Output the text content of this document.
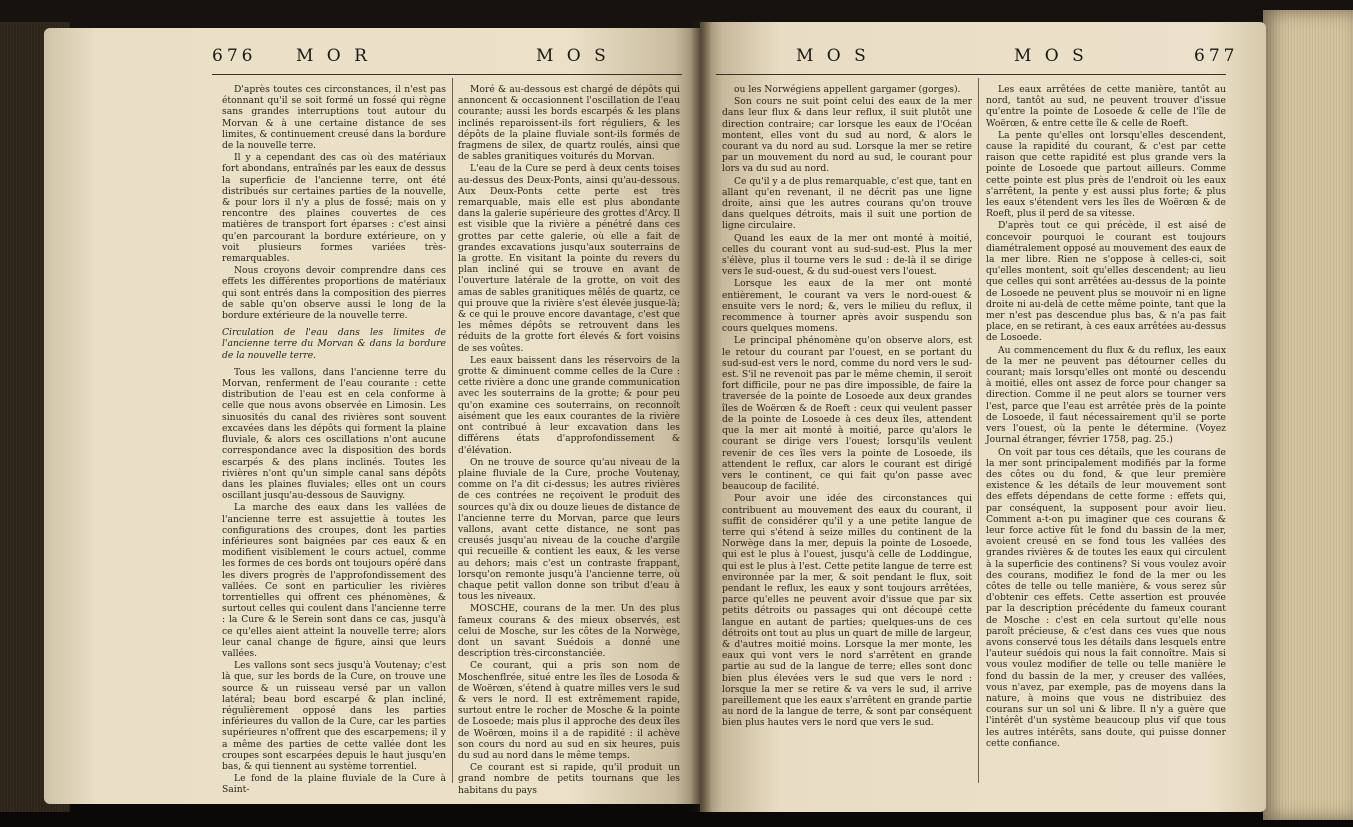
676 M O R	M O S	M O S	M O S	677

D'après toutes ces circonstances, il n'est pas étonnant qu'il se soit formé un fossé qui règne sans grandes interruptions tout autour du Morvan & à une certaine distance de ses limites, & continuement creusé dans la bordure de la nouvelle terre.

Il y a cependant des cas où des matériaux fort abondans, entraînés par les eaux de dessus la superficie de l'ancienne terre, ont été distribués sur certaines parties de la nouvelle, & pour lors il n'y a plus de fossé; mais on y rencontre des plaines couvertes de ces matières de transport fort éparses : c'est ainsi qu'en parcourant la bordure extérieure, on y voit plusieurs formes variées très-remarquables.

Nous croyons devoir comprendre dans ces effets les différentes proportions de matériaux qui sont entrés dans la composition des pierres de sable qu'on observe aussi le long de la bordure extérieure de la nouvelle terre.

Circulation de l'eau dans les limites de l'ancienne terre du Morvan & dans la bordure de la nouvelle terre.

Tous les vallons, dans l'ancienne terre du Morvan, renferment de l'eau courante : cette distribution de l'eau est en cela conforme à celle que nous avons observée en Limosin. Les sinuosités du canal des rivières sont souvent excavées dans les dépôts qui forment la plaine fluviale, & alors ces oscillations n'ont aucune correspondance avec la disposition des bords escarpés & des plans inclinés. Toutes les rivières n'ont qu'un simple canal sans dépôts dans les plaines fluviales; elles ont un cours oscillant jusqu'au-dessous de Sauvigny.

La marche des eaux dans les vallées de l'ancienne terre est assujettie à toutes les configurations des croupes, dont les parties inférieures sont baignées par ces eaux & en modifient visiblement le cours actuel, comme les formes de ces bords ont toujours opéré dans les divers progrès de l'approfondissement des vallées. Ce sont en particulier les rivières torrentielles qui offrent ces phénomènes, & surtout celles qui coulent dans l'ancienne terre : la Cure & le Serein sont dans ce cas, jusqu'à ce qu'elles aient atteint la nouvelle terre; alors leur canal change de figure, ainsi que leurs vallées.

Les vallons sont secs jusqu'à Voutenay; c'est là que, sur les bords de la Cure, on trouve une source & un ruisseau versé par un vallon latéral; beau bord escarpé & plan incliné, régulièrement opposé dans les parties inférieures du vallon de la Cure, car les parties supérieures n'offrent que des escarpemens; il y a même des parties de cette vallée dont les croupes sont escarpées depuis le haut jusqu'en bas, & qui tiennent au système torrentiel.

Le fond de la plaine fluviale de la Cure à Saint-

Moré & au-dessous est chargé de dépôts qui annoncent & occasionnent l'oscillation de l'eau courante; aussi les bords escarpés & les plans inclinés reparoissent-ils fort réguliers, & les dépôts de la plaine fluviale sont-ils formés de fragmens de silex, de quartz roulés, ainsi que de sables granitiques voiturés du Morvan.

L'eau de la Cure se perd à deux cents toises au-dessus des Deux-Ponts, ainsi qu'au-dessous. Aux Deux-Ponts cette perte est très remarquable, mais elle est plus abondante dans la galerie supérieure des grottes d'Arcy. Il est visible que la rivière a pénétré dans ces grottes par cette galerie, où elle a fait de grandes excavations jusqu'aux souterrains de la grotte. En visitant la pointe du revers du plan incliné qui se trouve en avant de l'ouverture latérale de la grotte, on voit des amas de sables granitiques mêlés de quartz, ce qui prouve que la rivière s'est élevée jusque-là; & ce qui le prouve encore davantage, c'est que les mêmes dépôts se retrouvent dans les réduits de la grotte fort élevés & fort voisins de ses voûtes.

Les eaux baissent dans les réservoirs de la grotte & diminuent comme celles de la Cure : cette rivière a donc une grande communication avec les souterrains de la grotte; & pour peu qu'on examine ces souterrains, on reconnoît aisément que les eaux courantes de la rivière ont contribué à leur excavation dans les différens états d'approfondissement & d'élévation.

On ne trouve de source qu'au niveau de la plaine fluviale de la Cure, proche Voutenay, comme on l'a dit ci-dessus; les autres rivières de ces contrées ne reçoivent le produit des sources qu'à dix ou douze lieues de distance de l'ancienne terre du Morvan, parce que leurs vallons, avant cette distance, ne sont pas creusés jusqu'au niveau de la couche d'argile qui recueille & contient les eaux, & les verse au dehors; mais c'est un contraste frappant, lorsqu'on remonte jusqu'à l'ancienne terre, où chaque petit vallon donne son tribut d'eau à tous les niveaux.

MOSCHE, courans de la mer. Un des plus fameux courans & des mieux observés, est celui de Mosche, sur les côtes de la Norwège, dont un savant Suédois a donné une description très-circonstanciée.

Ce courant, qui a pris son nom de Moschenflrée, situé entre les îles de Losoda & de Woërœn, s'étend à quatre milles vers le sud & vers le nord. Il est extrêmement rapide, surtout entre le rocher de Mosche & la pointe de Losoede; mais plus il approche des deux îles de Woërœn, moins il a de rapidité : il achève son cours du nord au sud en six heures, puis du sud au nord dans le même temps.

Ce courant est si rapide, qu'il produit un grand nombre de petits tournans que les habitans du pays

ou les Norwégiens appellent gargamer (gorges).

Son cours ne suit point celui des eaux de la mer dans leur flux & dans leur reflux, il suit plutôt une direction contraire; car lorsque les eaux de l'Océan montent, elles vont du sud au nord, & alors le courant va du nord au sud. Lorsque la mer se retire par un mouvement du nord au sud, le courant pour lors va du sud au nord.

Ce qu'il y a de plus remarquable, c'est que, tant en allant qu'en revenant, il ne décrit pas une ligne droite, ainsi que les autres courans qu'on trouve dans quelques détroits, mais il suit une portion de ligne circulaire.

Quand les eaux de la mer ont monté à moitié, celles du courant vont au sud-sud-est. Plus la mer s'élève, plus il tourne vers le sud : de-là il se dirige vers le sud-ouest, & du sud-ouest vers l'ouest.

Lorsque les eaux de la mer ont monté entièrement, le courant va vers le nord-ouest & ensuite vers le nord; &, vers le milieu du reflux, il recommence à tourner après avoir suspendu son cours quelques momens.

Le principal phénomène qu'on observe alors, est le retour du courant par l'ouest, en se portant du sud-sud-est vers le nord, comme du nord vers le sud-est. S'il ne revenoit pas par le même chemin, il seroit fort difficile, pour ne pas dire impossible, de faire la traversée de la pointe de Losoede aux deux grandes îles de Woërœn & de Roeft : ceux qui veulent passer de la pointe de Losoede à ces deux îles, attendent que la mer ait monté à moitié, parce qu'alors le courant se dirige vers l'ouest; lorsqu'ils veulent revenir de ces îles vers la pointe de Losoede, ils attendent le reflux, car alors le courant est dirigé vers le continent, ce qui fait qu'on passe avec beaucoup de facilité.

Pour avoir une idée des circonstances qui contribuent au mouvement des eaux du courant, il suffit de considérer qu'il y a une petite langue de terre qui s'étend à seize milles du continent de la Norwège dans la mer, depuis la pointe de Losoede, qui est le plus à l'ouest, jusqu'à celle de Loddingue, qui est le plus à l'est. Cette petite langue de terre est environnée par la mer, & soit pendant le flux, soit pendant le reflux, les eaux y sont toujours arrêtées, parce qu'elles ne peuvent avoir d'issue que par six petits détroits ou passages qui ont découpé cette langue en autant de parties; quelques-uns de ces détroits ont tout au plus un quart de mille de largeur, & d'autres moitié moins. Lorsque la mer monte, les eaux qui vont vers le nord s'arrêtent en grande partie au sud de la langue de terre; elles sont donc bien plus élevées vers le sud que vers le nord : lorsque la mer se retire & va vers le sud, il arrive pareillement que les eaux s'arrêtent en grande partie au nord de la langue de terre, & sont par conséquent bien plus hautes vers le nord que vers le sud.

Les eaux arrêtées de cette manière, tantôt au nord, tantôt au sud, ne peuvent trouver d'issue qu'entre la pointe de Losoede & celle de l'île de Woërœn, & entre cette île & celle de Roeft.

La pente qu'elles ont lorsqu'elles descendent, cause la rapidité du courant, & c'est par cette raison que cette rapidité est plus grande vers la pointe de Losoede que partout ailleurs. Comme cette pointe est plus près de l'endroit où les eaux s'arrêtent, la pente y est aussi plus forte; & plus les eaux s'étendent vers les îles de Woërœn & de Roeft, plus il perd de sa vitesse.

D'après tout ce qui précède, il est aisé de concevoir pourquoi le courant est toujours diamétralement opposé au mouvement des eaux de la mer libre. Rien ne s'oppose à celles-ci, soit qu'elles montent, soit qu'elles descendent; au lieu que celles qui sont arrêtées au-dessus de la pointe de Losoede ne peuvent plus se mouvoir ni en ligne droite ni au-delà de cette même pointe, tant que la mer n'est pas descendue plus bas, & n'a pas fait place, en se retirant, à ces eaux arrêtées au-dessus de Losoede.

Au commencement du flux & du reflux, les eaux de la mer ne peuvent pas détourner celles du courant; mais lorsqu'elles ont monté ou descendu à moitié, elles ont assez de force pour changer sa direction. Comme il ne peut alors se tourner vers l'est, parce que l'eau est arrêtée près de la pointe de Losoede, il faut nécessairement qu'il se porte vers l'ouest, où la pente le détermine. (Voyez Journal étranger, février 1758, pag. 25.)

On voit par tous ces détails, que les courans de la mer sont principalement modifiés par la forme des côtes ou du fond, & que leur première existence & les détails de leur mouvement sont des effets dépendans de cette forme : effets qui, par conséquent, la supposent pour avoir lieu. Comment a-t-on pu imaginer que ces courans & leur force active fût le fond du bassin de la mer, avoient creusé en se fond tous les vallées des grandes rivières & de toutes les eaux qui circulent à la superficie des continens? Si vous voulez avoir des courans, modifiez le fond de la mer ou les côtes de telle ou telle manière, & vous serez sûr d'obtenir ces effets. Cette assertion est prouvée par la description précédente du fameux courant de Mosche : c'est en cela surtout qu'elle nous paroît précieuse, & c'est dans ces vues que nous avons conservé tous les détails dans lesquels entre l'auteur suédois qui nous la fait connoître. Mais si vous voulez modifier de telle ou telle manière le fond du bassin de la mer, y creuser des vallées, vous n'avez, par exemple, pas de moyens dans la nature, à moins que vous ne distribuiez des courans sur un sol uni & libre. Il n'y a guère que l'intérêt d'un système beaucoup plus vif que tous les autres intérêts, sans doute, qui puisse donner cette confiance.
